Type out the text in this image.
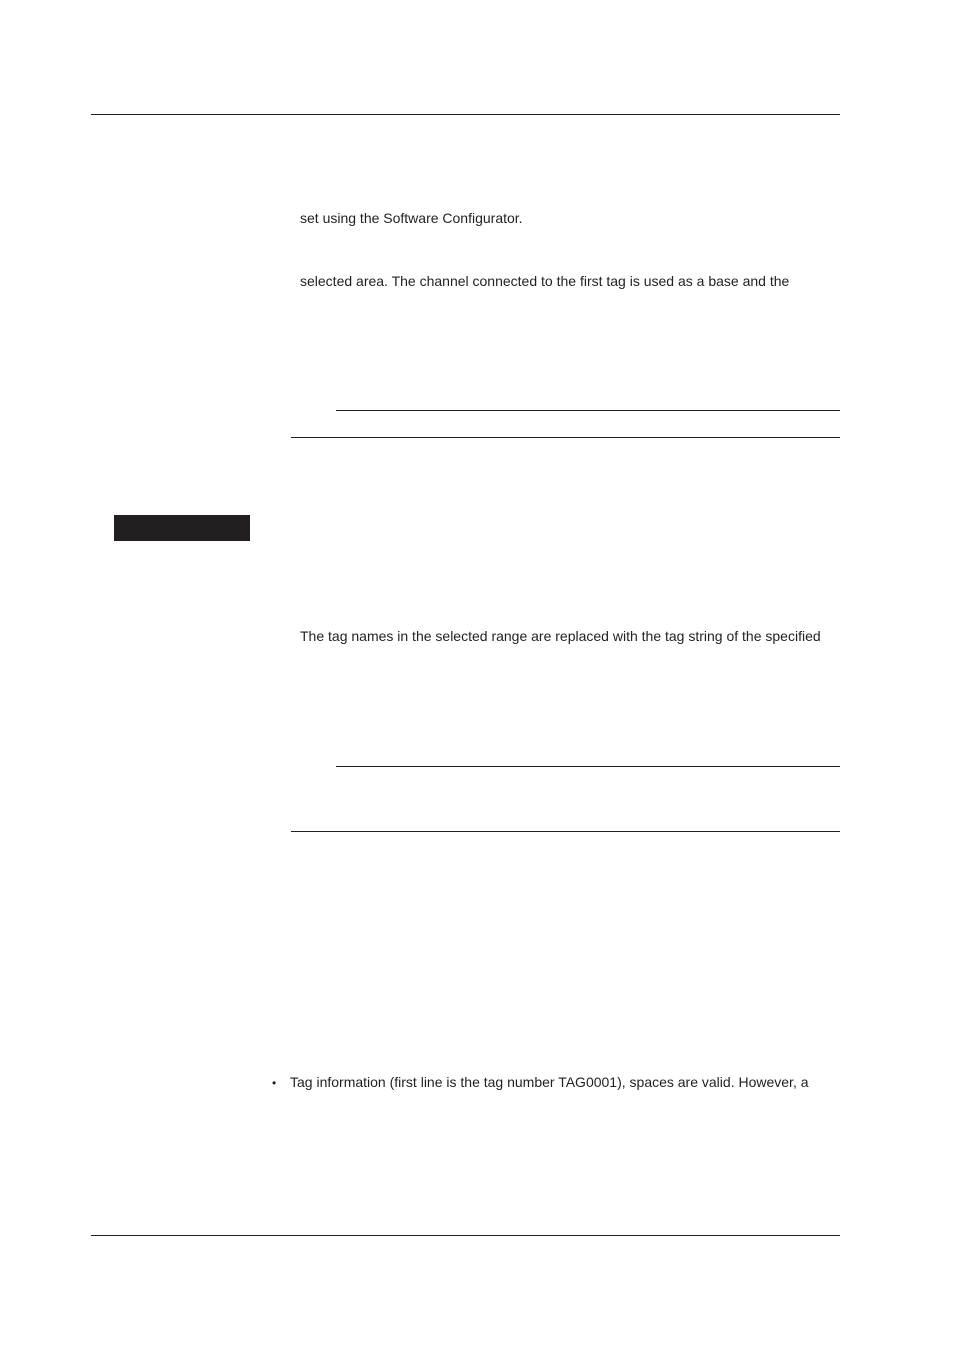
set using the Software Configurator.
selected area. The channel connected to the first tag is used as a base and the
The tag names in the selected range are replaced with the tag string of the specified
• Tag information (first line is the tag number TAG0001), spaces are valid. However, a
